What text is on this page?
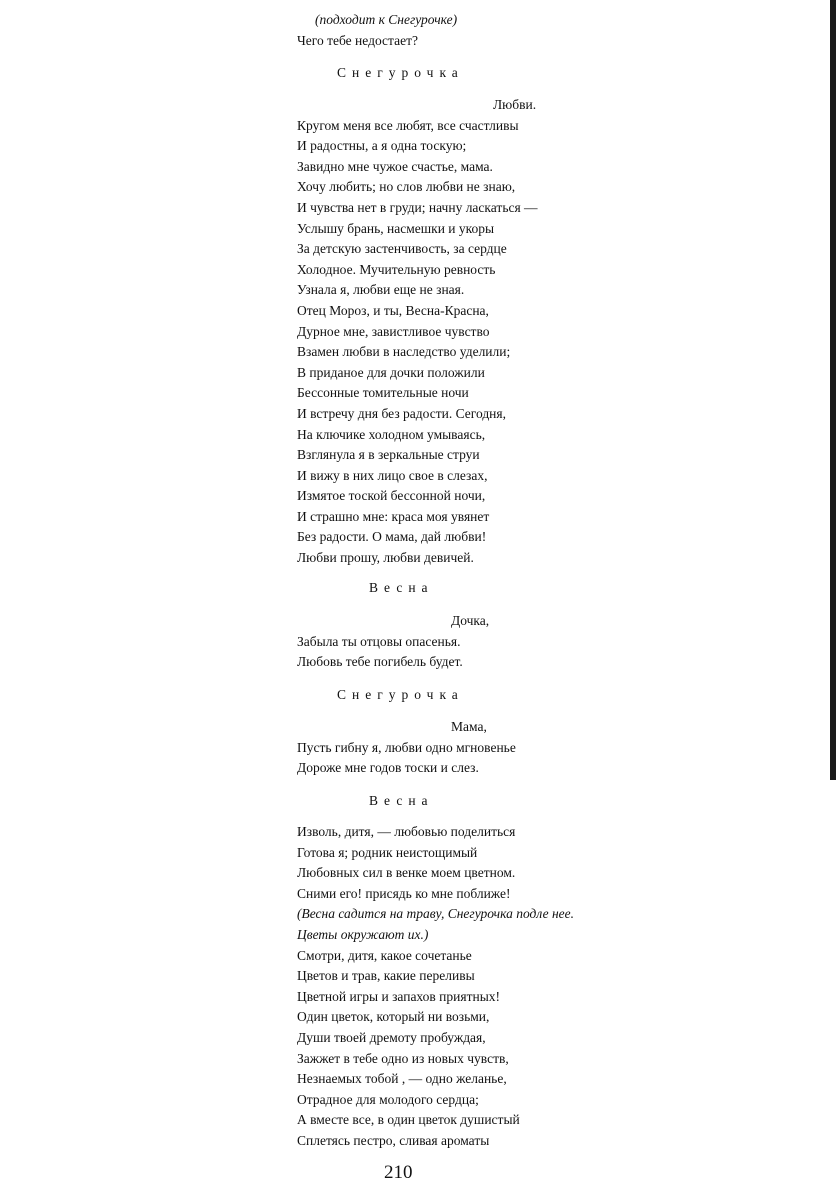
(подходит к Снегурочке)
Чего тебе недостает?
Снегурочка
Любви.
Кругом меня все любят, все счастливы
И радостны, а я одна тоскую;
Завидно мне чужое счастье, мама.
Хочу любить; но слов любви не знаю,
И чувства нет в груди; начну ласкаться —
Услышу брань, насмешки и укоры
За детскую застенчивость, за сердце
Холодное. Мучительную ревность
Узнала я, любви еще не зная.
Отец Мороз, и ты, Весна-Красна,
Дурное мне, завистливое чувство
Взамен любви в наследство уделили;
В приданое для дочки положили
Бессонные томительные ночи
И встречу дня без радости. Сегодня,
На ключике холодном умываясь,
Взглянула я в зеркальные струи
И вижу в них лицо свое в слезах,
Измятое тоской бессонной ночи,
И страшно мне: краса моя увянет
Без радости. О мама, дай любви!
Любви прошу, любви девичей.
Весна
Дочка,
Забыла ты отцовы опасенья.
Любовь тебе погибель будет.
Снегурочка
Мама,
Пусть гибну я, любви одно мгновенье
Дороже мне годов тоски и слез.
Весна
Изволь, дитя, — любовью поделиться
Готова я; родник неистощимый
Любовных сил в венке моем цветном.
Сними его! присядь ко мне поближе!
(Весна садится на траву, Снегурочка подле нее.
Цветы окружают их.)
Смотри, дитя, какое сочетанье
Цветов и трав, какие переливы
Цветной игры и запахов приятных!
Один цветок, который ни возьми,
Души твоей дремоту пробуждая,
Зажжет в тебе одно из новых чувств,
Незнаемых тобой , — одно желанье,
Отрадное для молодого сердца;
А вместе все, в один цветок душистый
Сплетясь пестро, сливая ароматы
210
